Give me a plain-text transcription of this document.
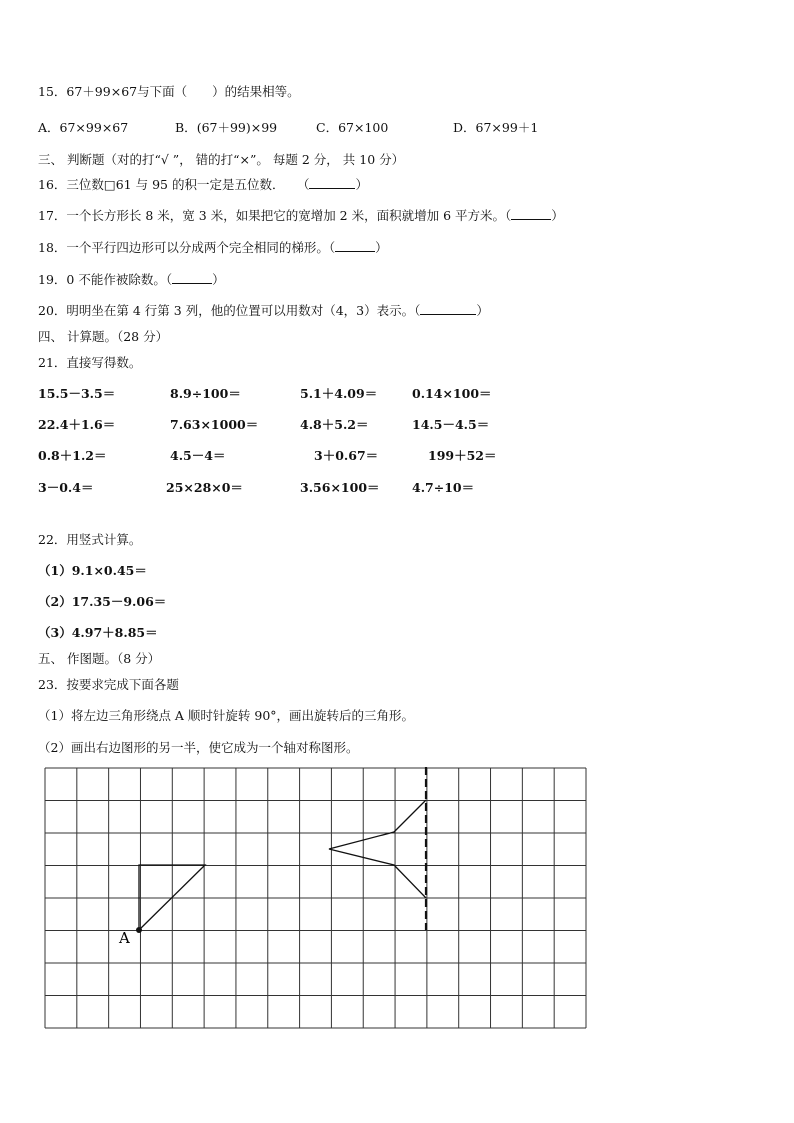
15．67＋99×67与下面（　　）的结果相等。
A．67×99×67	B．(67＋99)×99	C．67×100	D．67×99＋1
三、 判断题（对的打“√ ”， 错的打“×”。 每题 2 分， 共 10 分）
16．三位数□61 与 95 的积一定是五位数．　　（	）
17．一个长方形长 8 米，宽 3 米，如果把它的宽增加 2 米，面积就增加 6 平方米。（	）
18．一个平行四边形可以分成两个完全相同的梯形。（	）
19．0 不能作被除数。（	）
20．明明坐在第 4 行第 3 列，他的位置可以用数对（4，3）表示。（	）
四、 计算题。（28 分）
21．直接写得数。
15.5－3.5＝	8.9÷100＝	5.1＋4.09＝	0.14×100＝
22.4＋1.6＝	7.63×1000＝	4.8＋5.2＝	14.5－4.5＝
0.8＋1.2＝	4.5－4＝	3＋0.67＝	199＋52＝
3－0.4＝	25×28×0＝	3.56×100＝	4.7÷10＝
22．用竖式计算。
（1）9.1×0.45＝
（2）17.35－9.06＝
（3）4.97＋8.85＝
五、 作图题。（8 分）
23．按要求完成下面各题
（1）将左边三角形绕点 A 顺时针旋转 90°，画出旋转后的三角形。
（2）画出右边图形的另一半，使它成为一个轴对称图形。
A
